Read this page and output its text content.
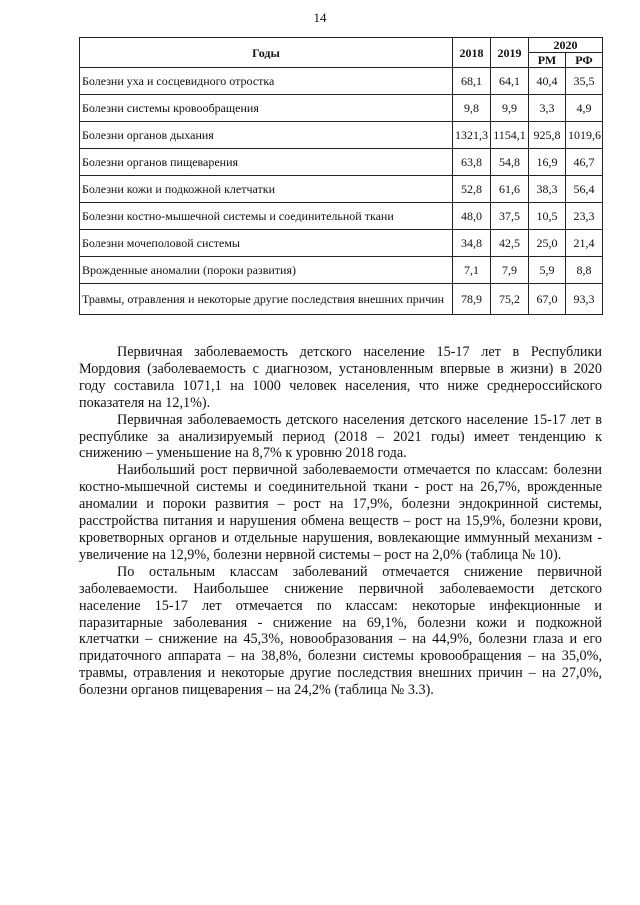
14
Годы	2018	2019	2020	
			РМ	РФ
Болезни уха и сосцевидного отростка	68,1	64,1	40,4	35,5
Болезни системы кровообращения	9,8	9,9	3,3	4,9
Болезни органов дыхания	1321,3	1154,1	925,8	1019,6
Болезни органов пищеварения	63,8	54,8	16,9	46,7
Болезни кожи и подкожной клетчатки	52,8	61,6	38,3	56,4
Болезни костно-мышечной системы и соединительной ткани	48,0	37,5	10,5	23,3
Болезни мочеполовой системы	34,8	42,5	25,0	21,4
Врожденные аномалии (пороки развития)	7,1	7,9	5,9	8,8
Травмы, отравления и некоторые другие последствия внешних причин	78,9	75,2	67,0	93,3

Первичная заболеваемость детского население 15-17 лет в Республики Мордовия (заболеваемость с диагнозом, установленным впервые в жизни) в 2020 году составила 1071,1 на 1000 человек населения, что ниже среднероссийского показателя на 12,1%).

Первичная заболеваемость детского населения детского население 15-17 лет в республике за анализируемый период (2018 – 2021 годы) имеет тенденцию к снижению – уменьшение на 8,7% к уровню 2018 года.

Наибольший рост первичной заболеваемости отмечается по классам: болезни костно-мышечной системы и соединительной ткани - рост на 26,7%, врожденные аномалии и пороки развития – рост на 17,9%, болезни эндокринной системы, расстройства питания и нарушения обмена веществ – рост на 15,9%, болезни крови, кроветворных органов и отдельные нарушения, вовлекающие иммунный механизм - увеличение на 12,9%, болезни нервной системы – рост на 2,0% (таблица № 10).

По остальным классам заболеваний отмечается снижение первичной заболеваемости. Наибольшее снижение первичной заболеваемости детского население 15-17 лет отмечается по классам: некоторые инфекционные и паразитарные заболевания - снижение на 69,1%, болезни кожи и подкожной клетчатки – снижение на 45,3%, новообразования – на 44,9%, болезни глаза и его придаточного аппарата – на 38,8%, болезни системы кровообращения – на 35,0%, травмы, отравления и некоторые другие последствия внешних причин – на 27,0%, болезни органов пищеварения – на 24,2% (таблица № 3.3).
